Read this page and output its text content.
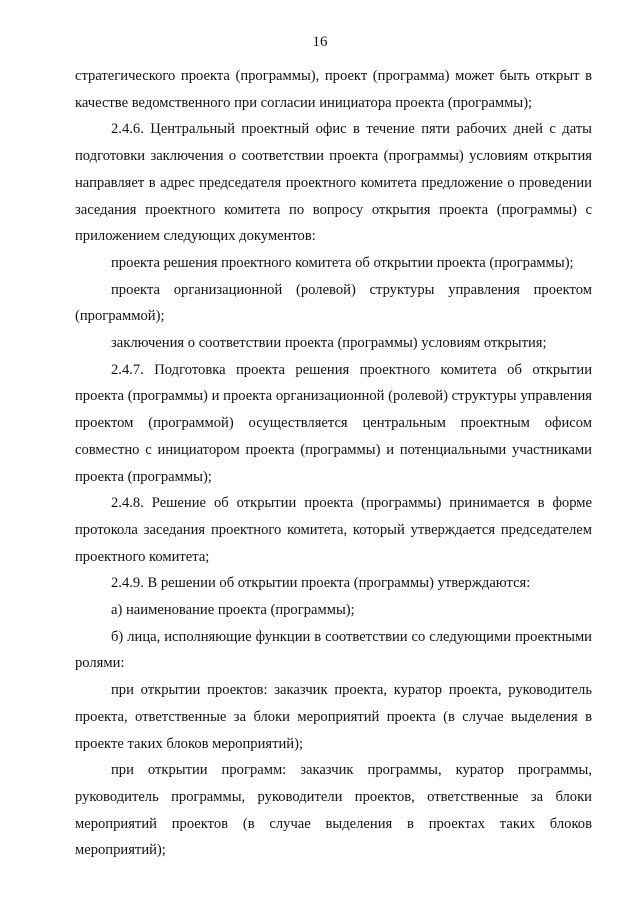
16

стратегического проекта (программы), проект (программа) может быть открыт в качестве ведомственного при согласии инициатора проекта (программы);

2.4.6. Центральный проектный офис в течение пяти рабочих дней с даты подготовки заключения о соответствии проекта (программы) условиям открытия направляет в адрес председателя проектного комитета предложение о проведении заседания проектного комитета по вопросу открытия проекта (программы) с приложением следующих документов:

проекта решения проектного комитета об открытии проекта (программы);

проекта организационной (ролевой) структуры управления проектом (программой);

заключения о соответствии проекта (программы) условиям открытия;

2.4.7. Подготовка проекта решения проектного комитета об открытии проекта (программы) и проекта организационной (ролевой) структуры управления проектом (программой) осуществляется центральным проектным офисом совместно с инициатором проекта (программы) и потенциальными участниками проекта (программы);

2.4.8. Решение об открытии проекта (программы) принимается в форме протокола заседания проектного комитета, который утверждается председателем проектного комитета;

2.4.9. В решении об открытии проекта (программы) утверждаются:

а) наименование проекта (программы);

б) лица, исполняющие функции в соответствии со следующими проектными ролями:

при открытии проектов: заказчик проекта, куратор проекта, руководитель проекта, ответственные за блоки мероприятий проекта (в случае выделения в проекте таких блоков мероприятий);

при открытии программ: заказчик программы, куратор программы, руководитель программы, руководители проектов, ответственные за блоки мероприятий проектов (в случае выделения в проектах таких блоков мероприятий);
